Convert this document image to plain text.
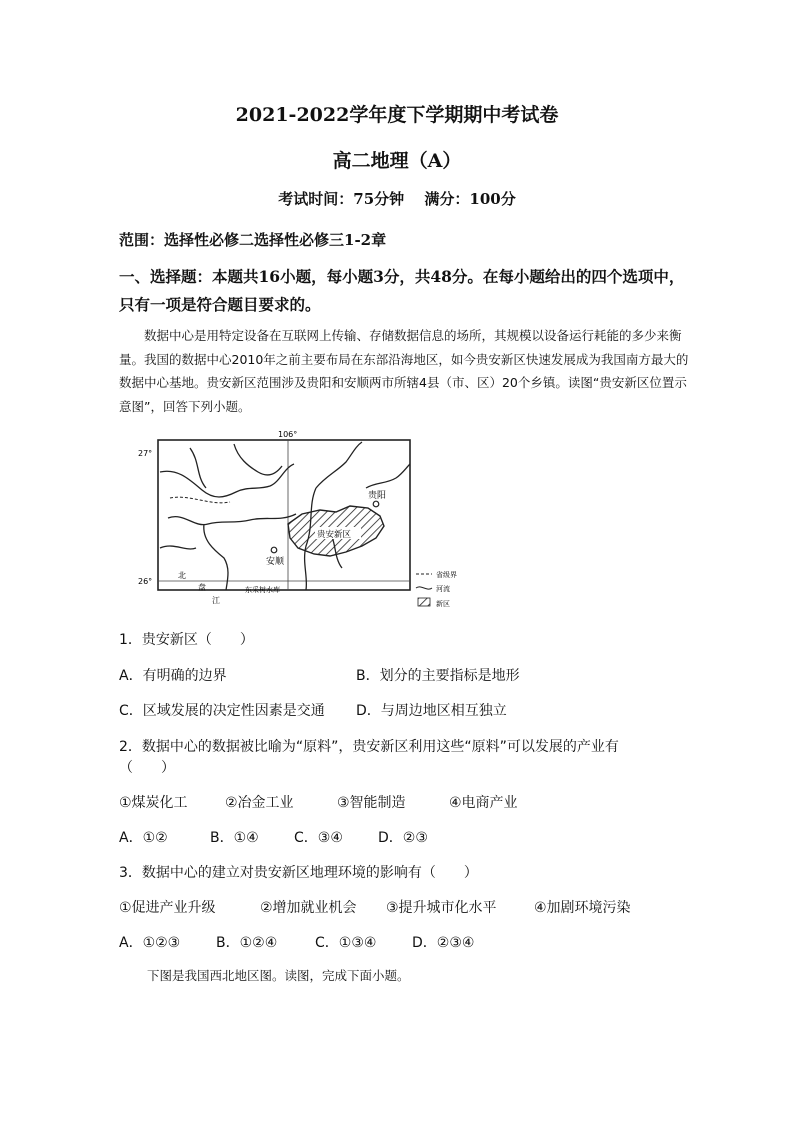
2021-2022学年度下学期期中考试卷
高二地理（A）
考试时间：75分钟　 满分：100分
范围：选择性必修二选择性必修三1-2章
一、选择题：本题共16小题，每小题3分，共48分。在每小题给出的四个选项中，只有一项是符合题目要求的。
数据中心是用特定设备在互联网上传输、存储数据信息的场所，其规模以设备运行耗能的多少来衡量。我国的数据中心2010年之前主要布局在东部沿海地区，如今贵安新区快速发展成为我国南方最大的数据中心基地。贵安新区范围涉及贵阳和安顺两市所辖4县（市、区）20个乡镇。读图“贵安新区位置示意图”，回答下列小题。
106°
27°
26°
贵安新区
贵阳
安顺
北
盘
江
东采树水库
省级界
河流
新区
1．贵安新区（　　）
A．有明确的边界	B．划分的主要指标是地形
C．区域发展的决定性因素是交通 D．与周边地区相互独立
2．数据中心的数据被比喻为“原料”，贵安新区利用这些“原料”可以发展的产业有
（　　）
①煤炭化工	②冶金工业	③智能制造	④电商产业
A．①②	B．①④	C．③④	D．②③
3．数据中心的建立对贵安新区地理环境的影响有（　　）
①促进产业升级	②增加就业机会 ③提升城市化水平	④加剧环境污染
A．①②③	B．①②④	C．①③④	D．②③④
下图是我国西北地区图。读图，完成下面小题。
